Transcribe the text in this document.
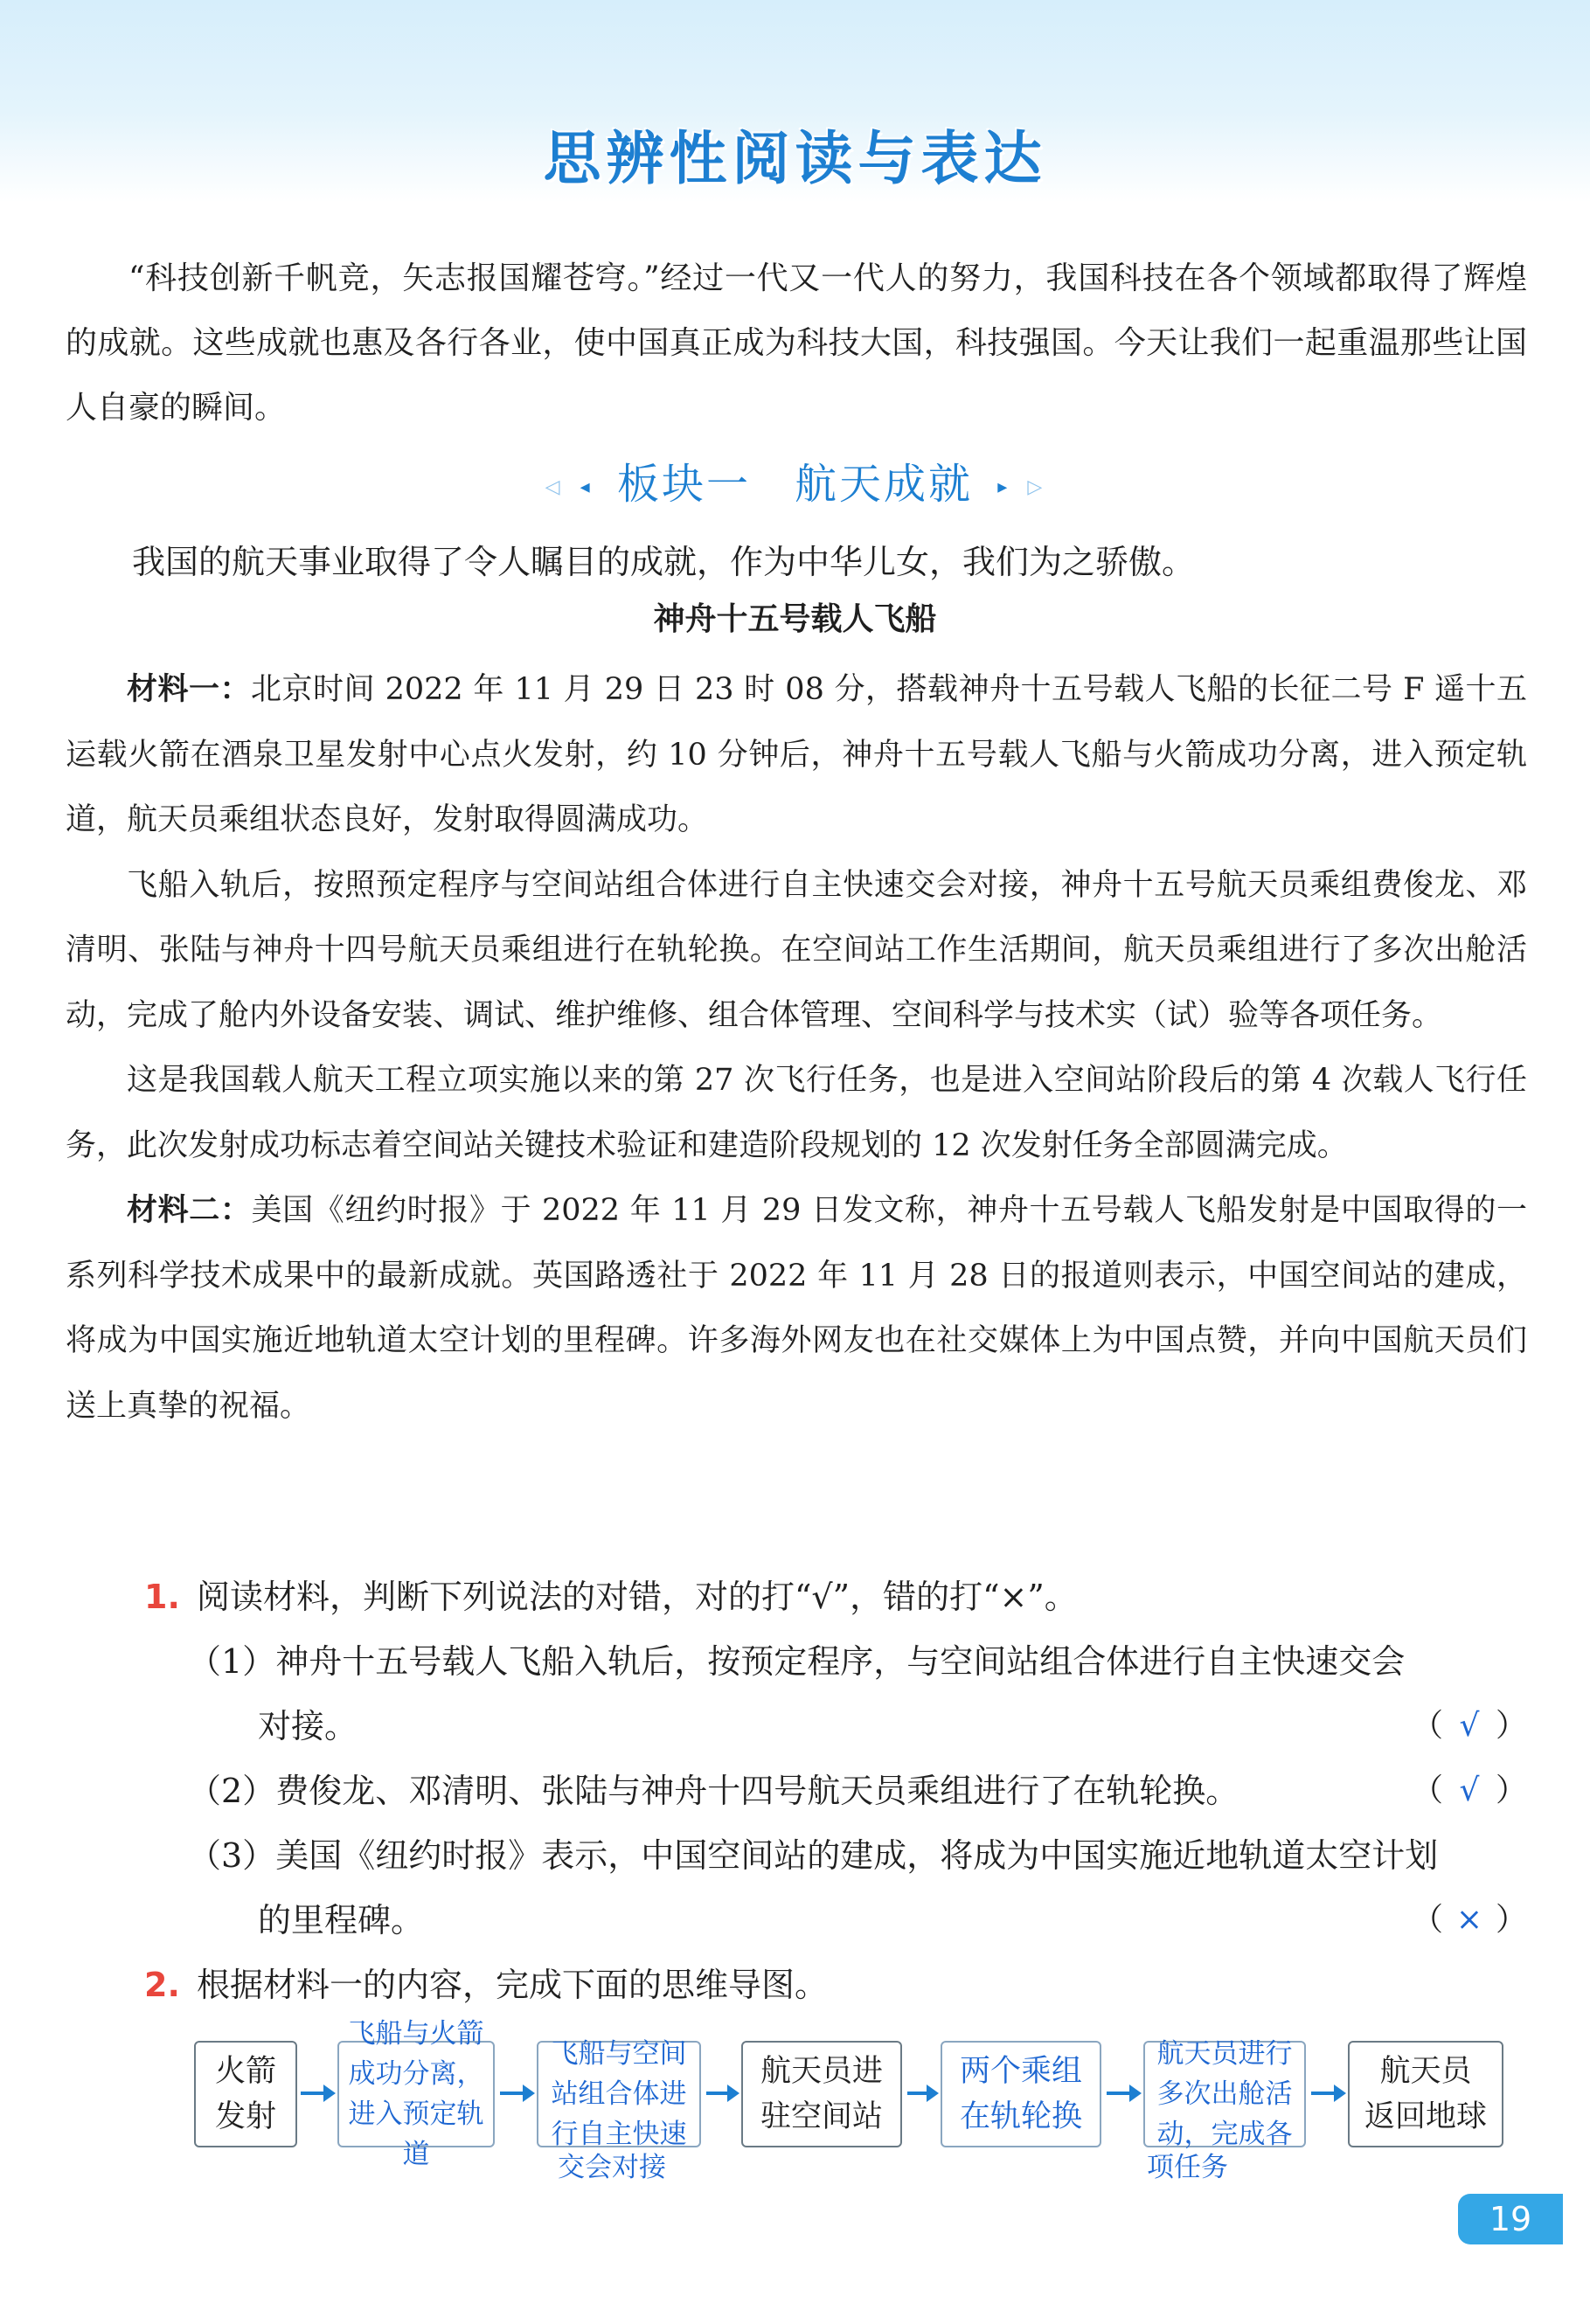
思辨性阅读与表达

“科技创新千帆竞，矢志报国耀苍穹。”经过一代又一代人的努力，我国科技在各个领域都取得了辉煌的成就。这些成就也惠及各行各业，使中国真正成为科技大国，科技强国。今天让我们一起重温那些让国人自豪的瞬间。

◁ ◂ 板块一 航天成就 ▸ ▷

我国的航天事业取得了令人瞩目的成就，作为中华儿女，我们为之骄傲。

神舟十五号载人飞船

材料一：北京时间 2022 年 11 月 29 日 23 时 08 分，搭载神舟十五号载人飞船的长征二号 F 遥十五运载火箭在酒泉卫星发射中心点火发射，约 10 分钟后，神舟十五号载人飞船与火箭成功分离，进入预定轨道，航天员乘组状态良好，发射取得圆满成功。

飞船入轨后，按照预定程序与空间站组合体进行自主快速交会对接，神舟十五号航天员乘组费俊龙、邓清明、张陆与神舟十四号航天员乘组进行在轨轮换。在空间站工作生活期间，航天员乘组进行了多次出舱活动，完成了舱内外设备安装、调试、维护维修、组合体管理、空间科学与技术实（试）验等各项任务。

这是我国载人航天工程立项实施以来的第 27 次飞行任务，也是进入空间站阶段后的第 4 次载人飞行任务，此次发射成功标志着空间站关键技术验证和建造阶段规划的 12 次发射任务全部圆满完成。

材料二：美国《纽约时报》于 2022 年 11 月 29 日发文称，神舟十五号载人飞船发射是中国取得的一系列科学技术成果中的最新成就。英国路透社于 2022 年 11 月 28 日的报道则表示，中国空间站的建成，将成为中国实施近地轨道太空计划的里程碑。许多海外网友也在社交媒体上为中国点赞，并向中国航天员们送上真挚的祝福。

1. 阅读材料，判断下列说法的对错，对的打“√”，错的打“×”。

（1）神舟十五号载人飞船入轨后，按预定程序，与空间站组合体进行自主快速交会

对接。	（ √ ）

（2）费俊龙、邓清明、张陆与神舟十四号航天员乘组进行了在轨轮换。	（ √ ）

（3）美国《纽约时报》表示，中国空间站的建成，将成为中国实施近地轨道太空计划

的里程碑。	（ × ）

2. 根据材料一的内容，完成下面的思维导图。

火箭
发射
飞船与火箭
成功分离，
进入预定轨道
飞船与空间
站组合体进
行自主快速
交会对接
航天员进
驻空间站
两个乘组
在轨轮换
航天员进行
多次出舱活
动，完成各
项任务
航天员
返回地球
19
